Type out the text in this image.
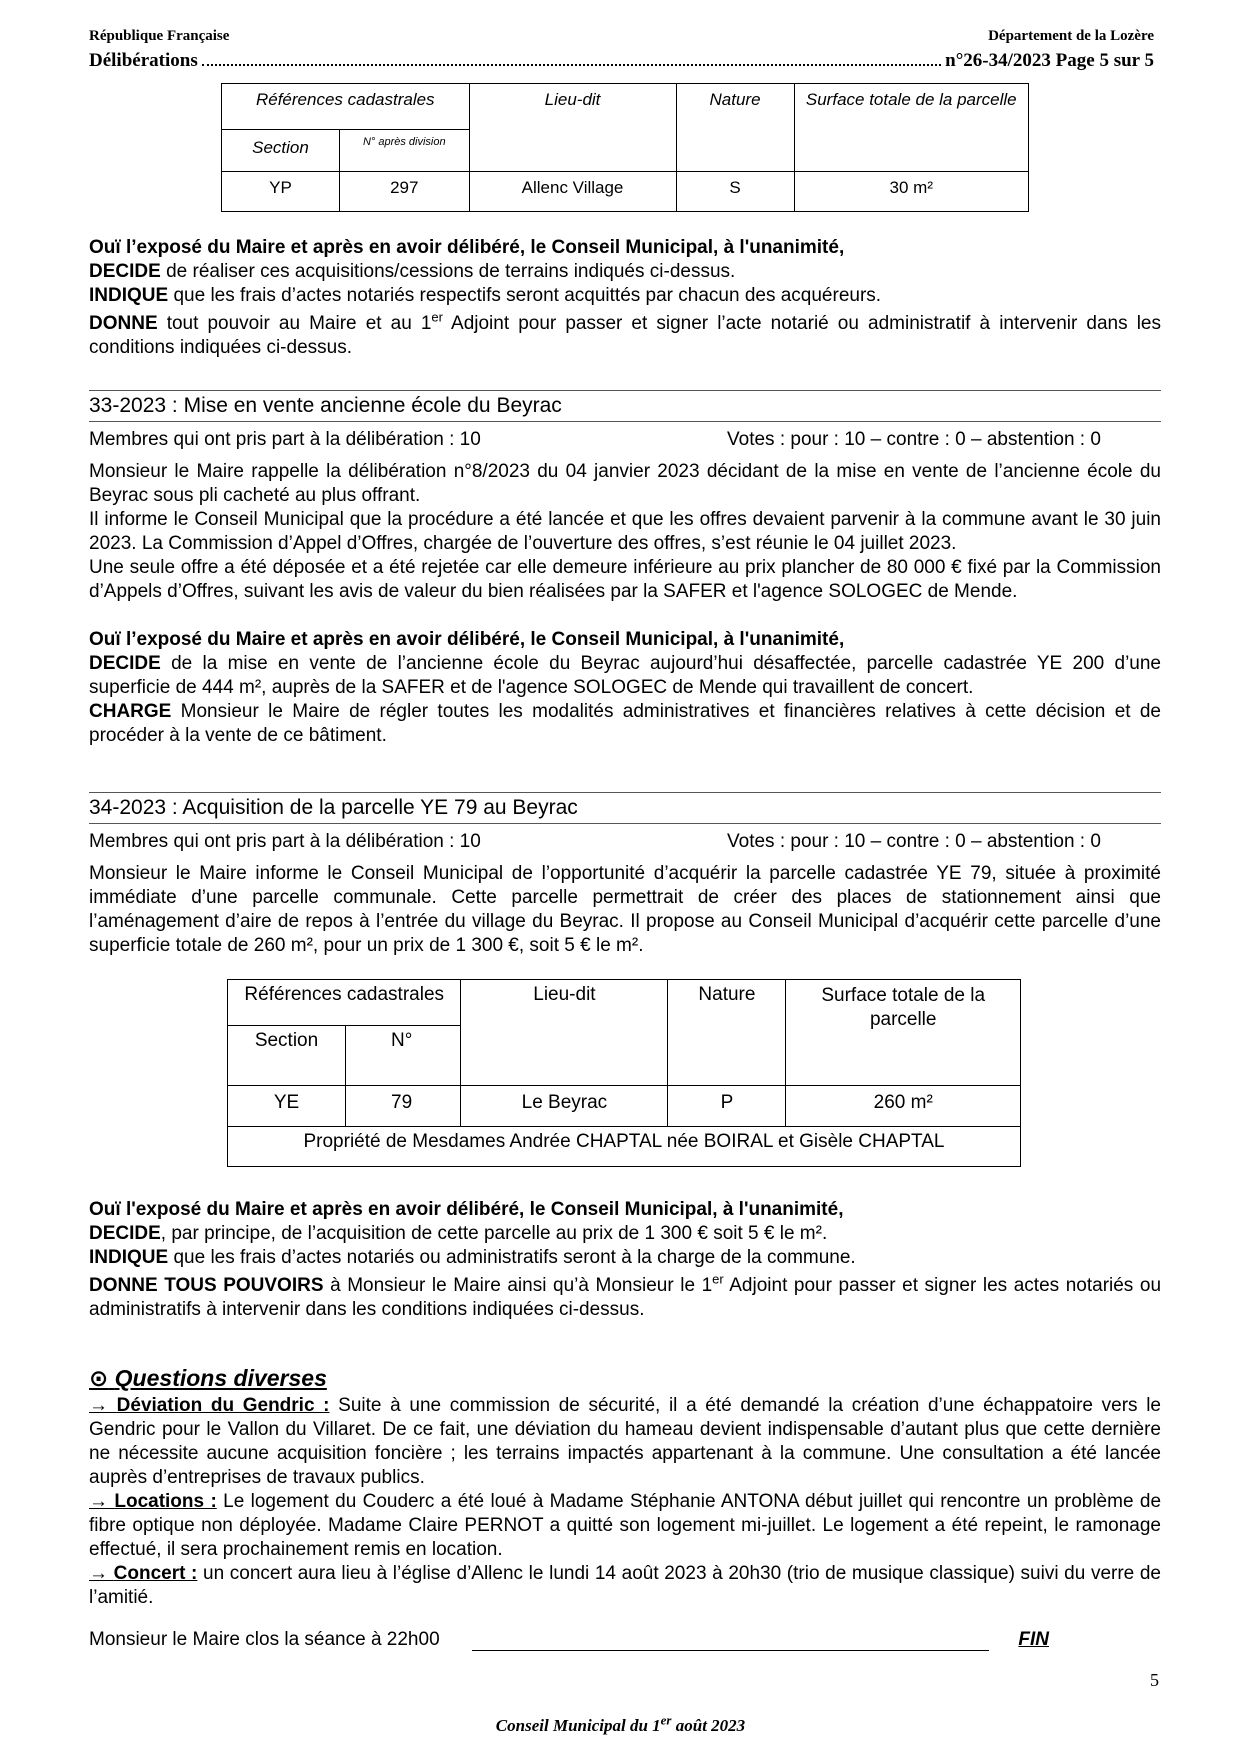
République Française	Département de la Lozère
Délibérations	n°26-34/2023
Page 5 sur 5
Références cadastrales		Lieu-dit	Nature	Surface totale de la parcelle
Section	N° après division			
YP	297	Allenc Village	S	30 m²

Ouï l’exposé du Maire et après en avoir délibéré, le Conseil Municipal, à l'unanimité,

DECIDE de réaliser ces acquisitions/cessions de terrains indiqués ci-dessus.

INDIQUE que les frais d’actes notariés respectifs seront acquittés par chacun des acquéreurs.

DONNE tout pouvoir au Maire et au 1er Adjoint pour passer et signer l’acte notarié ou administratif à intervenir dans les conditions indiquées ci-dessus.

33-2023 : Mise en vente ancienne école du Beyrac
Membres qui ont pris part à la délibération : 10	Votes : pour : 10 – contre : 0 – abstention : 0

Monsieur le Maire rappelle la délibération n°8/2023 du 04 janvier 2023 décidant de la mise en vente de l’ancienne école du Beyrac sous pli cacheté au plus offrant.

Il informe le Conseil Municipal que la procédure a été lancée et que les offres devaient parvenir à la commune avant le 30 juin 2023. La Commission d’Appel d’Offres, chargée de l’ouverture des offres, s’est réunie le 04 juillet 2023.

Une seule offre a été déposée et a été rejetée car elle demeure inférieure au prix plancher de 80 000 € fixé par la Commission d’Appels d’Offres, suivant les avis de valeur du bien réalisées par la SAFER et l'agence SOLOGEC de Mende.

Ouï l’exposé du Maire et après en avoir délibéré, le Conseil Municipal, à l'unanimité,

DECIDE de la mise en vente de l’ancienne école du Beyrac aujourd’hui désaffectée, parcelle cadastrée YE 200 d’une superficie de 444 m², auprès de la SAFER et de l'agence SOLOGEC de Mende qui travaillent de concert.

CHARGE Monsieur le Maire de régler toutes les modalités administratives et financières relatives à cette décision et de procéder à la vente de ce bâtiment.

34-2023 : Acquisition de la parcelle YE 79 au Beyrac
Membres qui ont pris part à la délibération : 10	Votes : pour : 10 – contre : 0 – abstention : 0

Monsieur le Maire informe le Conseil Municipal de l’opportunité d’acquérir la parcelle cadastrée YE 79, située à proximité immédiate d’une parcelle communale. Cette parcelle permettrait de créer des places de stationnement ainsi que l’aménagement d’aire de repos à l’entrée du village du Beyrac. Il propose au Conseil Municipal d’acquérir cette parcelle d’une superficie totale de 260 m², pour un prix de 1 300 €, soit 5 € le m².

Références cadastrales		Lieu-dit	Nature	Surface totale de la parcelle
Section	N°			
YE	79	Le Beyrac	P	260 m²
Propriété de Mesdames Andrée CHAPTAL née BOIRAL et Gisèle CHAPTAL				

Ouï l'exposé du Maire et après en avoir délibéré, le Conseil Municipal, à l'unanimité,

DECIDE, par principe, de l’acquisition de cette parcelle au prix de 1 300 € soit 5 € le m².

INDIQUE que les frais d’actes notariés ou administratifs seront à la charge de la commune.

DONNE TOUS POUVOIRS à Monsieur le Maire ainsi qu’à Monsieur le 1er Adjoint pour passer et signer les actes notariés ou administratifs à intervenir dans les conditions indiquées ci-dessus.

⊙ Questions diverses

→ Déviation du Gendric : Suite à une commission de sécurité, il a été demandé la création d’une échappatoire vers le Gendric pour le Vallon du Villaret. De ce fait, une déviation du hameau devient indispensable d’autant plus que cette dernière ne nécessite aucune acquisition foncière ; les terrains impactés appartenant à la commune. Une consultation a été lancée auprès d’entreprises de travaux publics.

→ Locations : Le logement du Couderc a été loué à Madame Stéphanie ANTONA début juillet qui rencontre un problème de fibre optique non déployée. Madame Claire PERNOT a quitté son logement mi-juillet. Le logement a été repeint, le ramonage effectué, il sera prochainement remis en location.

→ Concert : un concert aura lieu à l’église d’Allenc le lundi 14 août 2023 à 20h30 (trio de musique classique) suivi du verre de l’amitié.

Monsieur le Maire clos la séance à 22h00	FIN
5
Conseil Municipal du 1er août 2023
